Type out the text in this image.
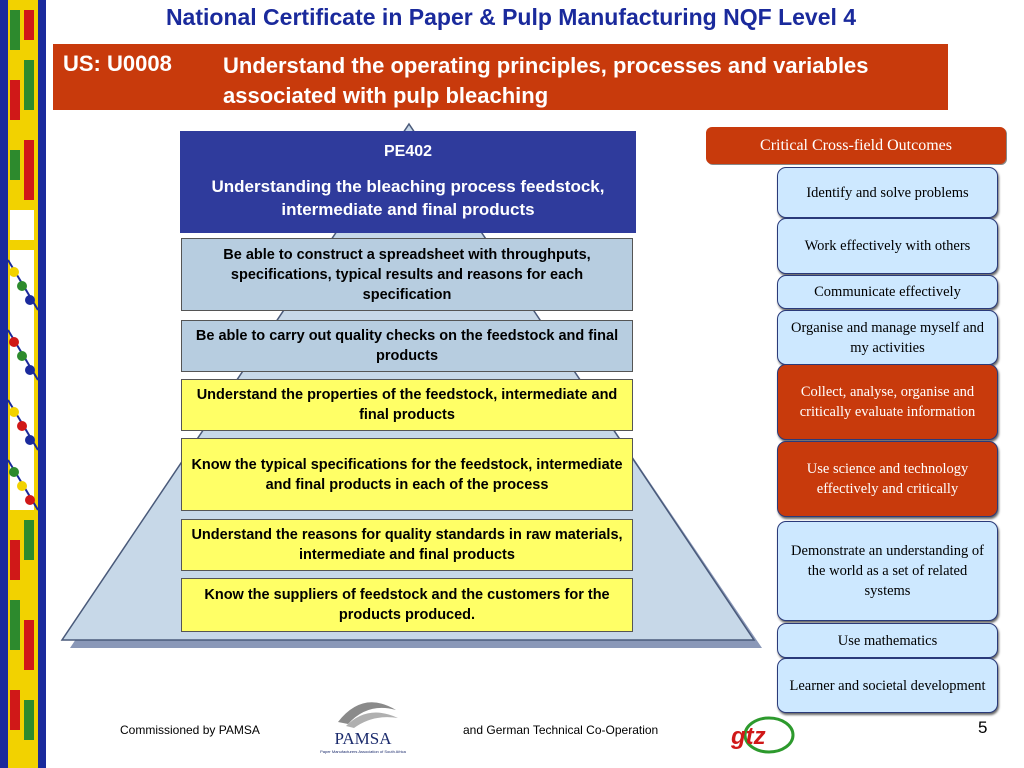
National Certificate in Paper & Pulp Manufacturing NQF Level 4
US: U0008 Understand the operating principles, processes and variables associated with pulp bleaching
PE402
Understanding the bleaching process feedstock, intermediate and final products
Be able to construct a spreadsheet with throughputs, specifications, typical results and reasons for each specification
Be able to carry out quality checks on the feedstock and final products
Understand the properties of the feedstock, intermediate and final products
Know the typical specifications for the feedstock, intermediate and final products in each of the process
Understand the reasons for quality standards in raw materials, intermediate and final products
Know the suppliers of feedstock and the customers for the products produced.
Critical Cross-field Outcomes
Identify and solve problems
Work effectively with others
Communicate effectively
Organise and manage myself and my activities
Collect, analyse, organise and critically evaluate information
Use science and technology effectively and critically
Demonstrate an understanding of the world as a set of related systems
Use mathematics
Learner and societal development
Commissioned by PAMSA	PAMSA
Paper Manufacturers Association of South Africa
and German Technical Co-Operation	gtz	5
